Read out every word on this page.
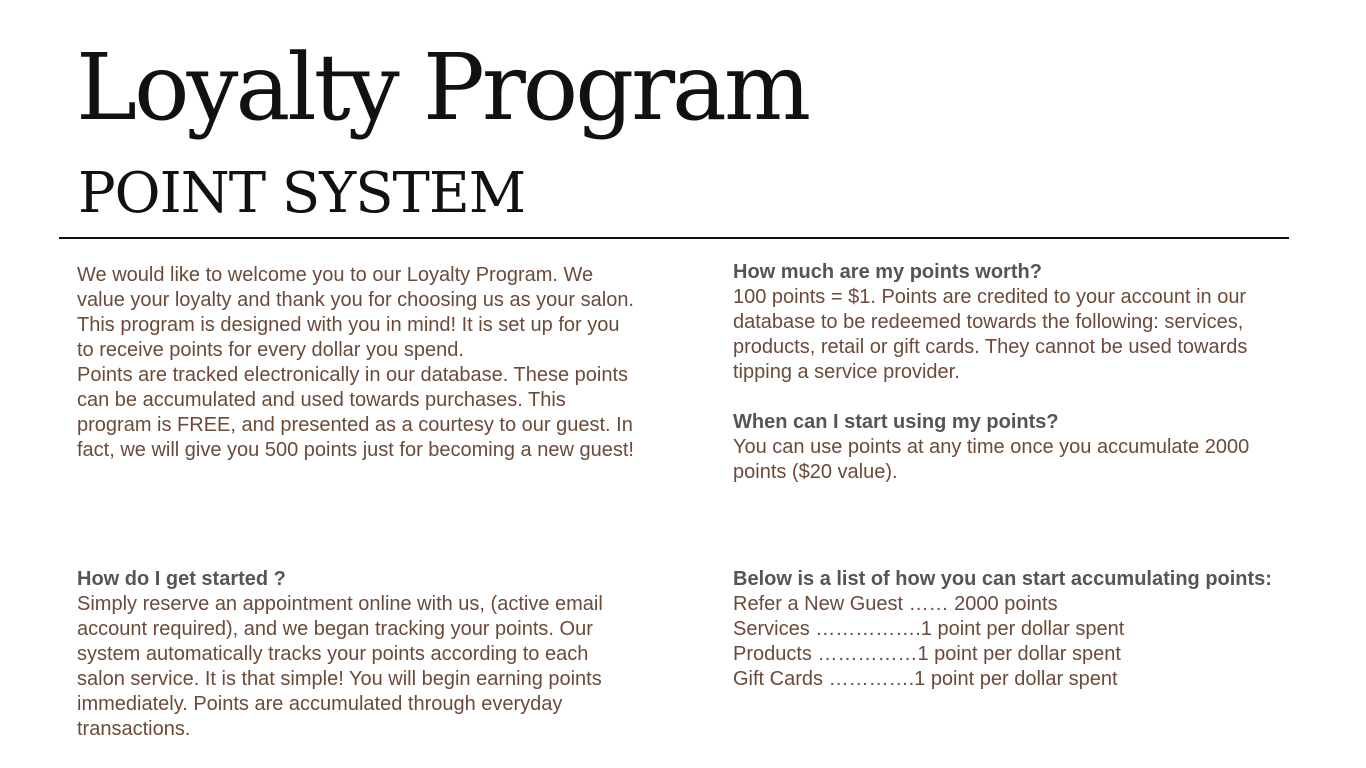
Loyalty Program
POINT SYSTEM

We would like to welcome you to our Loyalty Program. We value your loyalty and thank you for choosing us as your salon. This program is designed with you in mind! It is set up for you to receive points for every dollar you spend.

Points are tracked electronically in our database. These points can be accumulated and used towards purchases. This program is FREE, and presented as a courtesy to our guest. In fact, we will give you 500 points just for becoming a new guest!

How do I get started ?

Simply reserve an appointment online with us, (active email account required), and we began tracking your points. Our system automatically tracks your points according to each salon service. It is that simple! You will begin earning points immediately. Points are accumulated through everyday transactions.

How much are my points worth?

100 points = $1. Points are credited to your account in our database to be redeemed towards the following: services, products, retail or gift cards. They cannot be used towards tipping a service provider.

When can I start using my points?

You can use points at any time once you accumulate 2000 points ($20 value).

Below is a list of how you can start accumulating points:

Refer a New Guest …… 2000 points

Services …………….1 point per dollar spent

Products ……………1 point per dollar spent

Gift Cards ………….1 point per dollar spent
